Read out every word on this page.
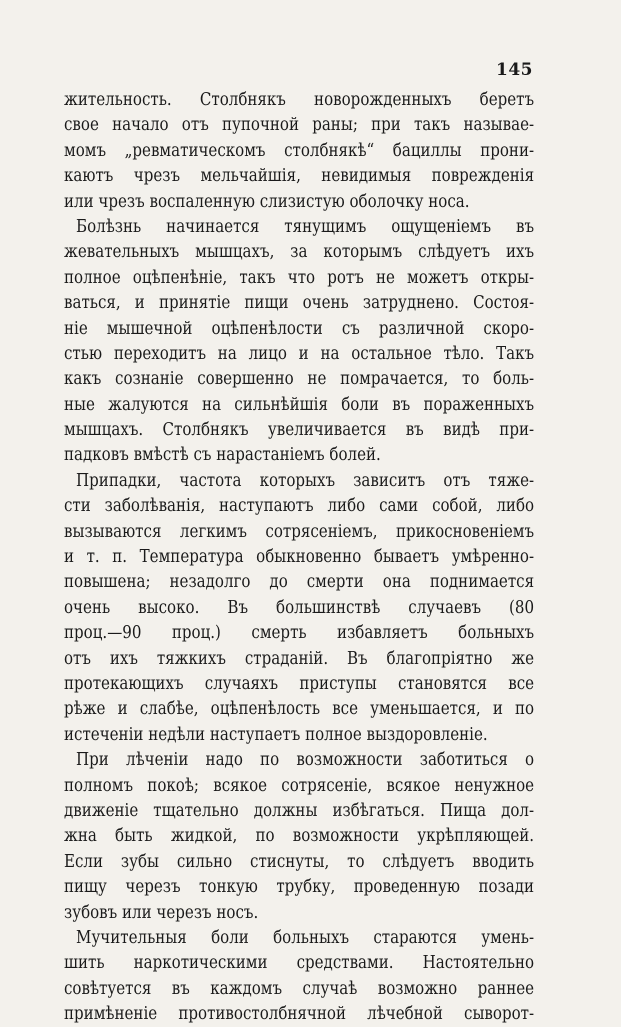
145
жительность. Столбнякъ новорожденныхъ беретъ
свое начало отъ пупочной раны; при такъ называе-
момъ „ревматическомъ столбнякѣ“ бациллы прони-
каютъ чрезъ мельчайшія, невидимыя поврежденія
или чрезъ воспаленную слизистую оболочку носа.
Болѣзнь начинается тянущимъ ощущеніемъ въ
жевательныхъ мышцахъ, за которымъ слѣдуетъ ихъ
полное оцѣпенѣніе, такъ что ротъ не можетъ откры-
ваться, и принятіе пищи очень затруднено. Состоя-
ніе мышечной оцѣпенѣлости съ различной скоро-
стью переходитъ на лицо и на остальное тѣло. Такъ
какъ сознаніе совершенно не помрачается, то боль-
ные жалуются на сильнѣйшія боли въ пораженныхъ
мышцахъ. Столбнякъ увеличивается въ видѣ при-
падковъ вмѣстѣ съ нарастаніемъ болей.
Припадки, частота которыхъ зависитъ отъ тяже-
сти заболѣванія, наступаютъ либо сами собой, либо
вызываются легкимъ сотрясеніемъ, прикосновеніемъ
и т. п. Температура обыкновенно бываетъ умѣренно-
повышена; незадолго до смерти она поднимается
очень высоко. Въ большинствѣ случаевъ (80
проц.—90 проц.) смерть избавляетъ больныхъ
отъ ихъ тяжкихъ страданій. Въ благопріятно же
протекающихъ случаяхъ приступы становятся все
рѣже и слабѣе, оцѣпенѣлость все уменьшается, и по
истеченіи недѣли наступаетъ полное выздоровленіе.
При лѣченіи надо по возможности заботиться о
полномъ покоѣ; всякое сотрясеніе, всякое ненужное
движеніе тщательно должны избѣгаться. Пища дол-
жна быть жидкой, по возможности укрѣпляющей.
Если зубы сильно стиснуты, то слѣдуетъ вводить
пищу черезъ тонкую трубку, проведенную позади
зубовъ или черезъ носъ.
Мучительныя боли больныхъ стараются умень-
шить наркотическими средствами. Настоятельно
совѣтуется въ каждомъ случаѣ возможно раннее
примѣненіе противостолбнячной лѣчебной сыворот-
